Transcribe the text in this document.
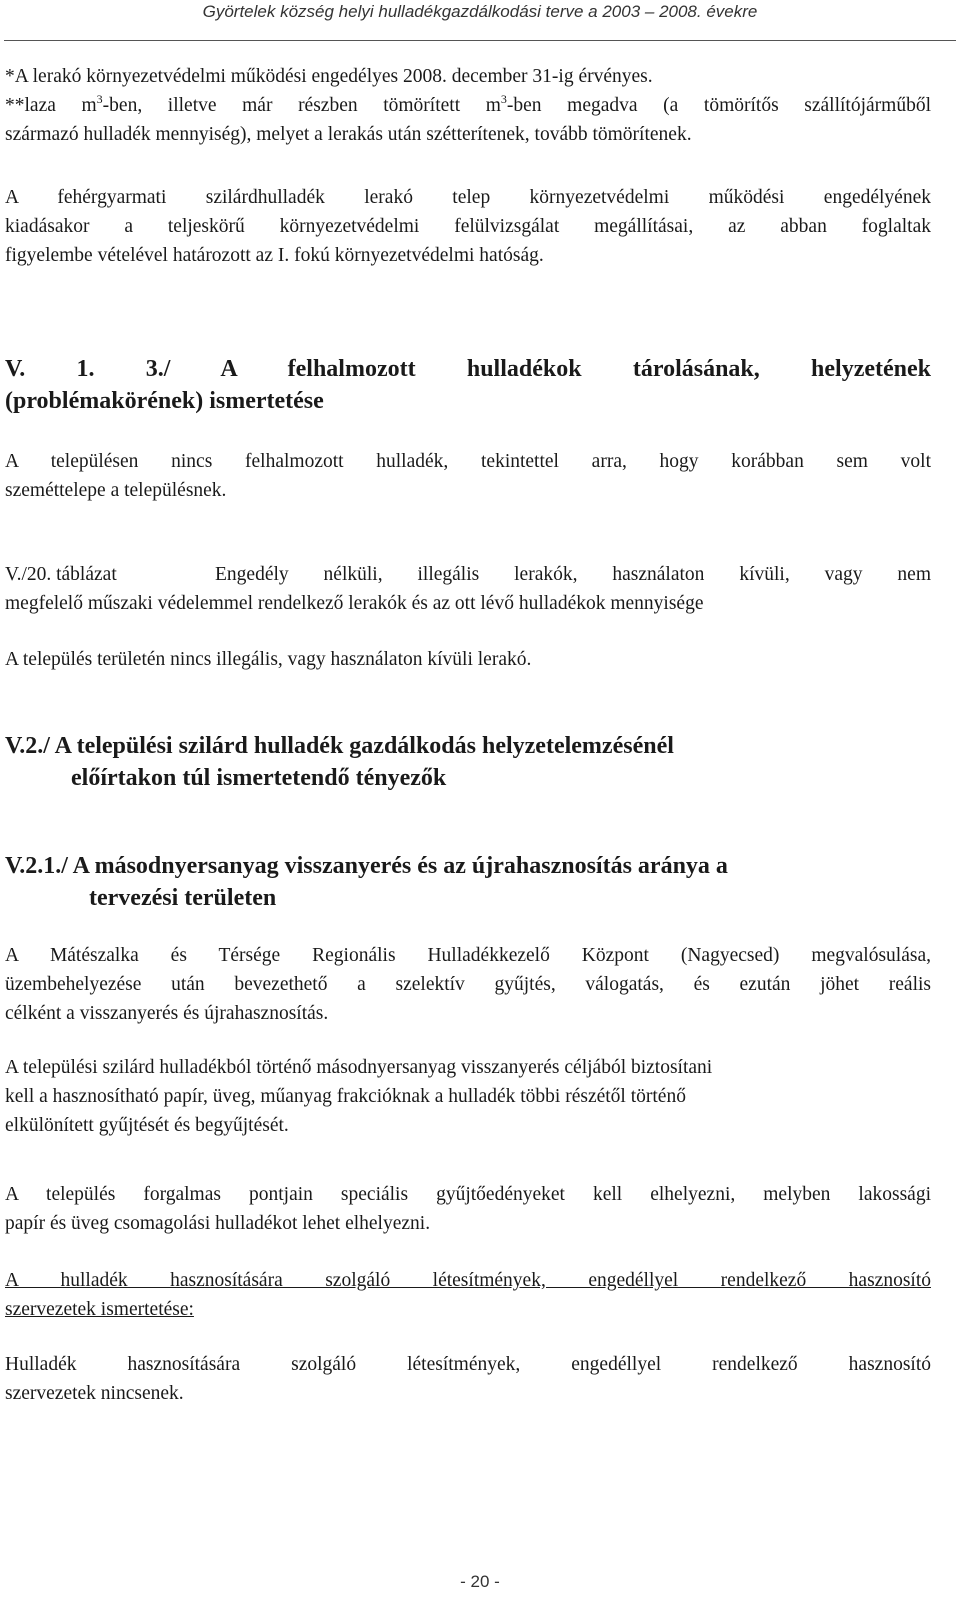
Györtelek község helyi hulladékgazdálkodási terve a 2003 – 2008. évekre
*A lerakó környezetvédelmi működési engedélyes 2008. december 31-ig érvényes.
**laza $m^3$-ben, illetve már részben tömörített $m^3$-ben megadva (a tömörítős szállítójárműből
származó hulladék mennyiség), melyet a lerakás után szétterítenek, tovább tömörítenek.
A fehérgyarmati szilárdhulladék lerakó telep környezetvédelmi működési engedélyének
kiadásakor a teljeskörű környezetvédelmi felülvizsgálat megállításai, az abban foglaltak
figyelembe vételével határozott az I. fokú környezetvédelmi hatóság.
V. 1. 3./ A felhalmozott hulladékok tárolásának, helyzetének
(problémakörének) ismertetése
A településen nincs felhalmozott hulladék, tekintettel arra, hogy korábban sem volt
szeméttelepe a településnek.
V./20. táblázat	Engedély nélküli, illegális lerakók, használaton kívüli, vagy nem
megfelelő műszaki védelemmel rendelkező lerakók és az ott lévő hulladékok mennyisége
A település területén nincs illegális, vagy használaton kívüli lerakó.
V.2./ A települési szilárd hulladék gazdálkodás helyzetelemzésénél
előírtakon túl ismertetendő tényezők
V.2.1./ A másodnyersanyag visszanyerés és az újrahasznosítás aránya a
tervezési területen
A Mátészalka és Térsége Regionális Hulladékkezelő Központ (Nagyecsed) megvalósulása,
üzembehelyezése után bevezethető a szelektív gyűjtés, válogatás, és ezután jöhet reális
célként a visszanyerés és újrahasznosítás.
A települési szilárd hulladékból történő másodnyersanyag visszanyerés céljából biztosítani
kell a hasznosítható papír, üveg, műanyag frakcióknak a hulladék többi részétől történő
elkülönített gyűjtését és begyűjtését.
A település forgalmas pontjain speciális gyűjtőedényeket kell elhelyezni, melyben lakossági
papír és üveg csomagolási hulladékot lehet elhelyezni.
A hulladék hasznosítására szolgáló létesítmények, engedéllyel rendelkező hasznosító
szervezetek ismertetése:
Hulladék hasznosítására szolgáló létesítmények, engedéllyel rendelkező hasznosító
szervezetek nincsenek.
- 20 -
